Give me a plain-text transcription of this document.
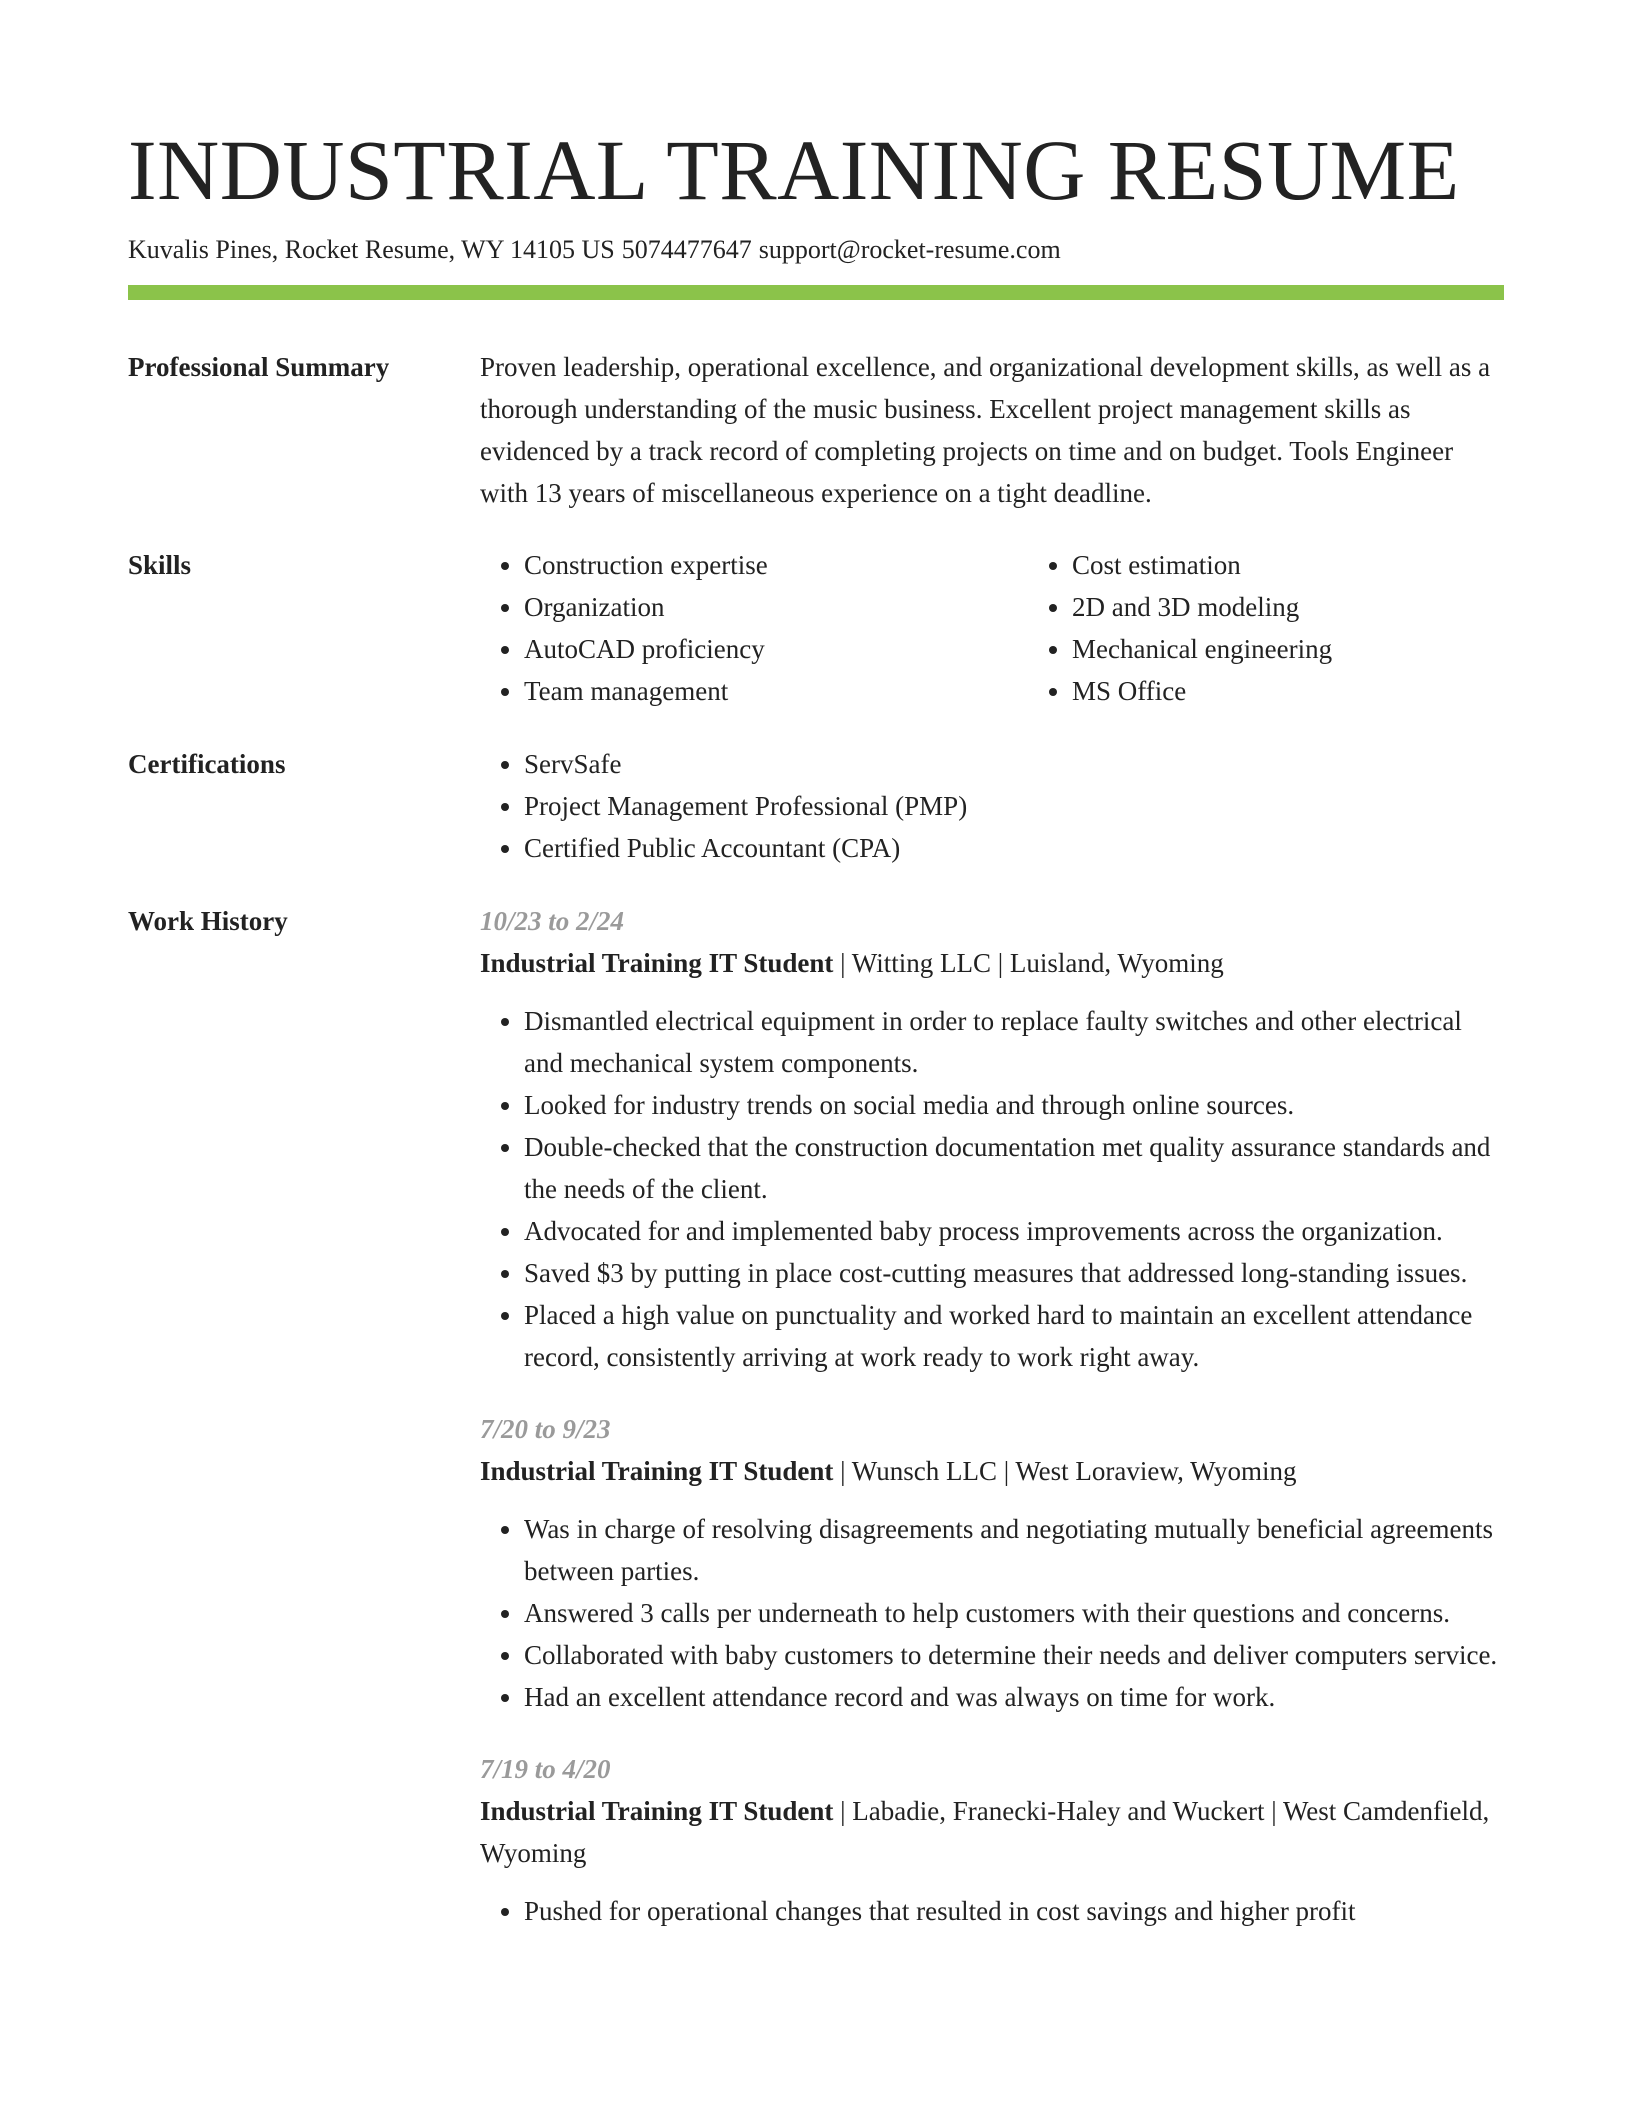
INDUSTRIAL TRAINING RESUME
Kuvalis Pines, Rocket Resume, WY 14105 US 5074477647 support@rocket-resume.com
Professional Summary	Proven leadership, operational excellence, and organizational development skills, as well as a thorough understanding of the music business. Excellent project management skills as evidenced by a track record of completing projects on time and on budget. Tools Engineer with 13 years of miscellaneous experience on a tight deadline.
Skills	• Construction expertise
• Organization
• AutoCAD proficiency
• Team management
• Cost estimation
• 2D and 3D modeling
• Mechanical engineering
• MS Office
Certifications	• ServSafe
• Project Management Professional (PMP)
• Certified Public Accountant (CPA)
Work History	10/23 to 2/24
Industrial Training IT Student | Witting LLC | Luisland, Wyoming
• Dismantled electrical equipment in order to replace faulty switches and other electrical and mechanical system components.
• Looked for industry trends on social media and through online sources.
• Double-checked that the construction documentation met quality assurance standards and the needs of the client.
• Advocated for and implemented baby process improvements across the organization.
• Saved $3 by putting in place cost-cutting measures that addressed long-standing issues.
• Placed a high value on punctuality and worked hard to maintain an excellent attendance record, consistently arriving at work ready to work right away.
7/20 to 9/23
Industrial Training IT Student | Wunsch LLC | West Loraview, Wyoming
• Was in charge of resolving disagreements and negotiating mutually beneficial agreements between parties.
• Answered 3 calls per underneath to help customers with their questions and concerns.
• Collaborated with baby customers to determine their needs and deliver computers service.
• Had an excellent attendance record and was always on time for work.
7/19 to 4/20
Industrial Training IT Student | Labadie, Franecki-Haley and Wuckert | West Camdenfield, Wyoming
• Pushed for operational changes that resulted in cost savings and higher profit
